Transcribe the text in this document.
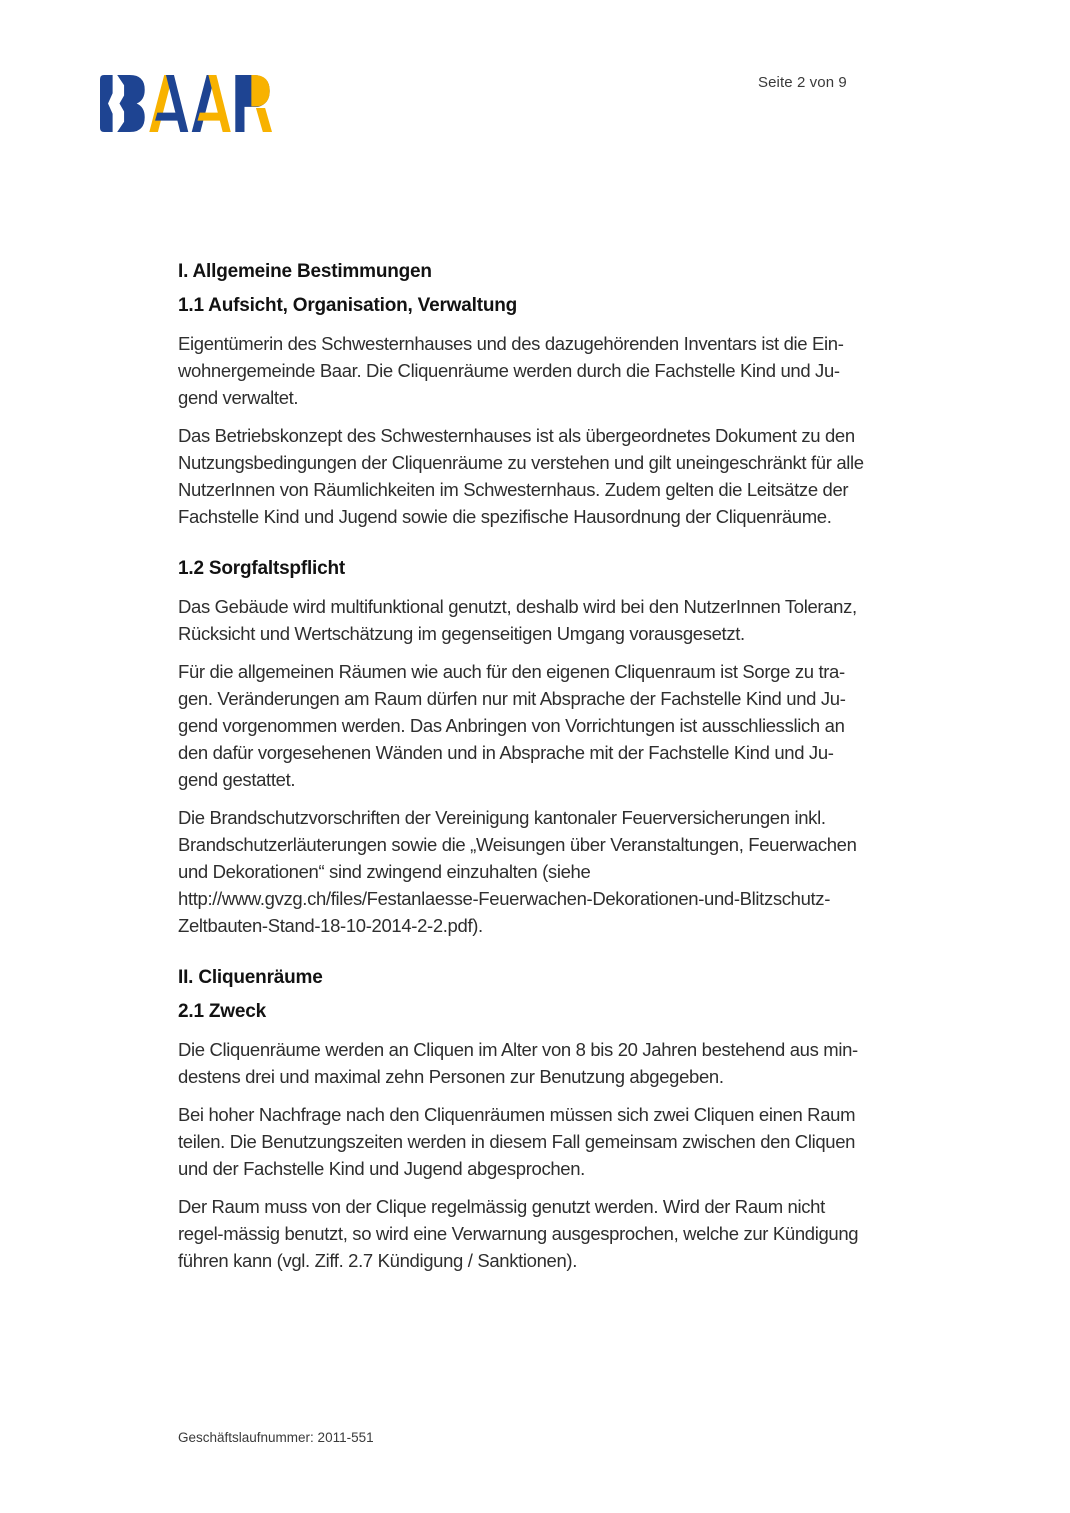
Seite 2 von 9
I. Allgemeine Bestimmungen
1.1 Aufsicht, Organisation, Verwaltung

Eigentümerin des Schwesternhauses und des dazugehörenden Inventars ist die Ein-
wohnergemeinde Baar. Die Cliquenräume werden durch die Fachstelle Kind und Ju-
gend verwaltet.

Das Betriebskonzept des Schwesternhauses ist als übergeordnetes Dokument zu den
Nutzungsbedingungen der Cliquenräume zu verstehen und gilt uneingeschränkt für alle
NutzerInnen von Räumlichkeiten im Schwesternhaus. Zudem gelten die Leitsätze der
Fachstelle Kind und Jugend sowie die spezifische Hausordnung der Cliquenräume.

1.2 Sorgfaltspflicht

Das Gebäude wird multifunktional genutzt, deshalb wird bei den NutzerInnen Toleranz,
Rücksicht und Wertschätzung im gegenseitigen Umgang vorausgesetzt.

Für die allgemeinen Räumen wie auch für den eigenen Cliquenraum ist Sorge zu tra-
gen. Veränderungen am Raum dürfen nur mit Absprache der Fachstelle Kind und Ju-
gend vorgenommen werden. Das Anbringen von Vorrichtungen ist ausschliesslich an
den dafür vorgesehenen Wänden und in Absprache mit der Fachstelle Kind und Ju-
gend gestattet.

Die Brandschutzvorschriften der Vereinigung kantonaler Feuerversicherungen inkl.
Brandschutzerläuterungen sowie die „Weisungen über Veranstaltungen, Feuerwachen
und Dekorationen“ sind zwingend einzuhalten (siehe
http://www.gvzg.ch/files/Festanlaesse-Feuerwachen-Dekorationen-und-Blitzschutz-
Zeltbauten-Stand-18-10-2014-2-2.pdf).

II. Cliquenräume
2.1 Zweck

Die Cliquenräume werden an Cliquen im Alter von 8 bis 20 Jahren bestehend aus min-
destens drei und maximal zehn Personen zur Benutzung abgegeben.

Bei hoher Nachfrage nach den Cliquenräumen müssen sich zwei Cliquen einen Raum
teilen. Die Benutzungszeiten werden in diesem Fall gemeinsam zwischen den Cliquen
und der Fachstelle Kind und Jugend abgesprochen.

Der Raum muss von der Clique regelmässig genutzt werden. Wird der Raum nicht
regel-mässig benutzt, so wird eine Verwarnung ausgesprochen, welche zur Kündigung
führen kann (vgl. Ziff. 2.7 Kündigung / Sanktionen).

Geschäftslaufnummer: 2011-551
